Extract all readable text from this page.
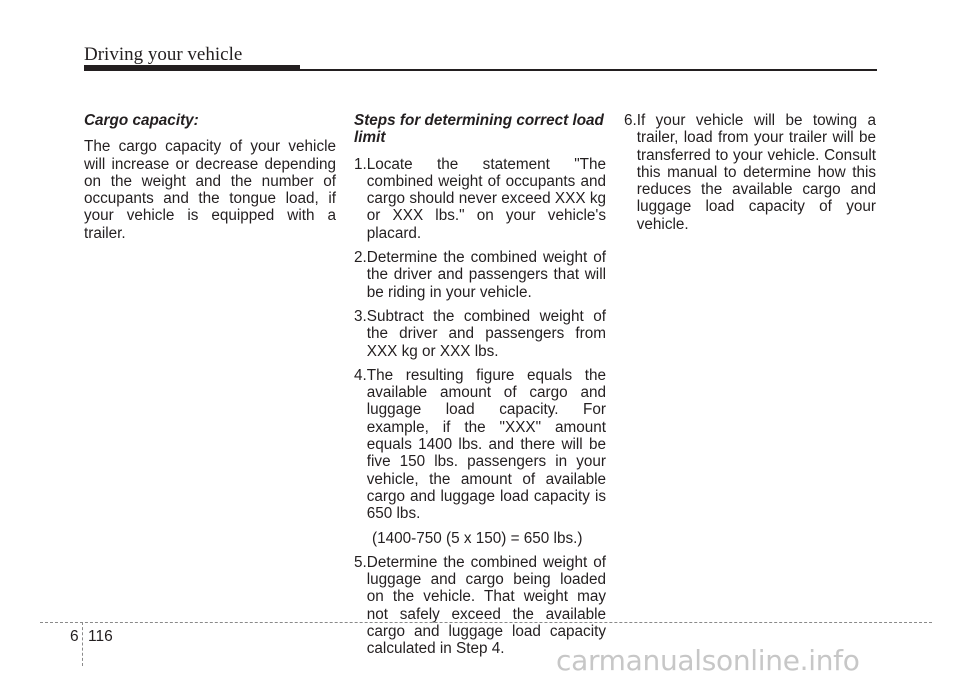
Driving your vehicle
Cargo capacity:

The cargo capacity of your vehicle will increase or decrease depending on the weight and the number of occupants and the tongue load, if your vehicle is equipped with a trailer.

Steps for determining correct load limit
1. Locate the statement "The combined weight of occupants and cargo should never exceed XXX kg or XXX lbs." on your vehicle's placard.
2. Determine the combined weight of the driver and passengers that will be riding in your vehicle.
3. Subtract the combined weight of the driver and passengers from XXX kg or XXX lbs.
4. The resulting figure equals the available amount of cargo and luggage load capacity. For example, if the "XXX" amount equals 1400 lbs. and there will be five 150 lbs. passengers in your vehicle, the amount of available cargo and luggage load capacity is 650 lbs.
(1400-750 (5 x 150) = 650 lbs.)
5. Determine the combined weight of luggage and cargo being loaded on the vehicle. That weight may not safely exceed the available cargo and luggage load capacity calculated in Step 4.
6. If your vehicle will be towing a trailer, load from your trailer will be transferred to your vehicle. Consult this manual to determine how this reduces the available cargo and luggage load capacity of your vehicle.
6 116
carmanualsonline.info
